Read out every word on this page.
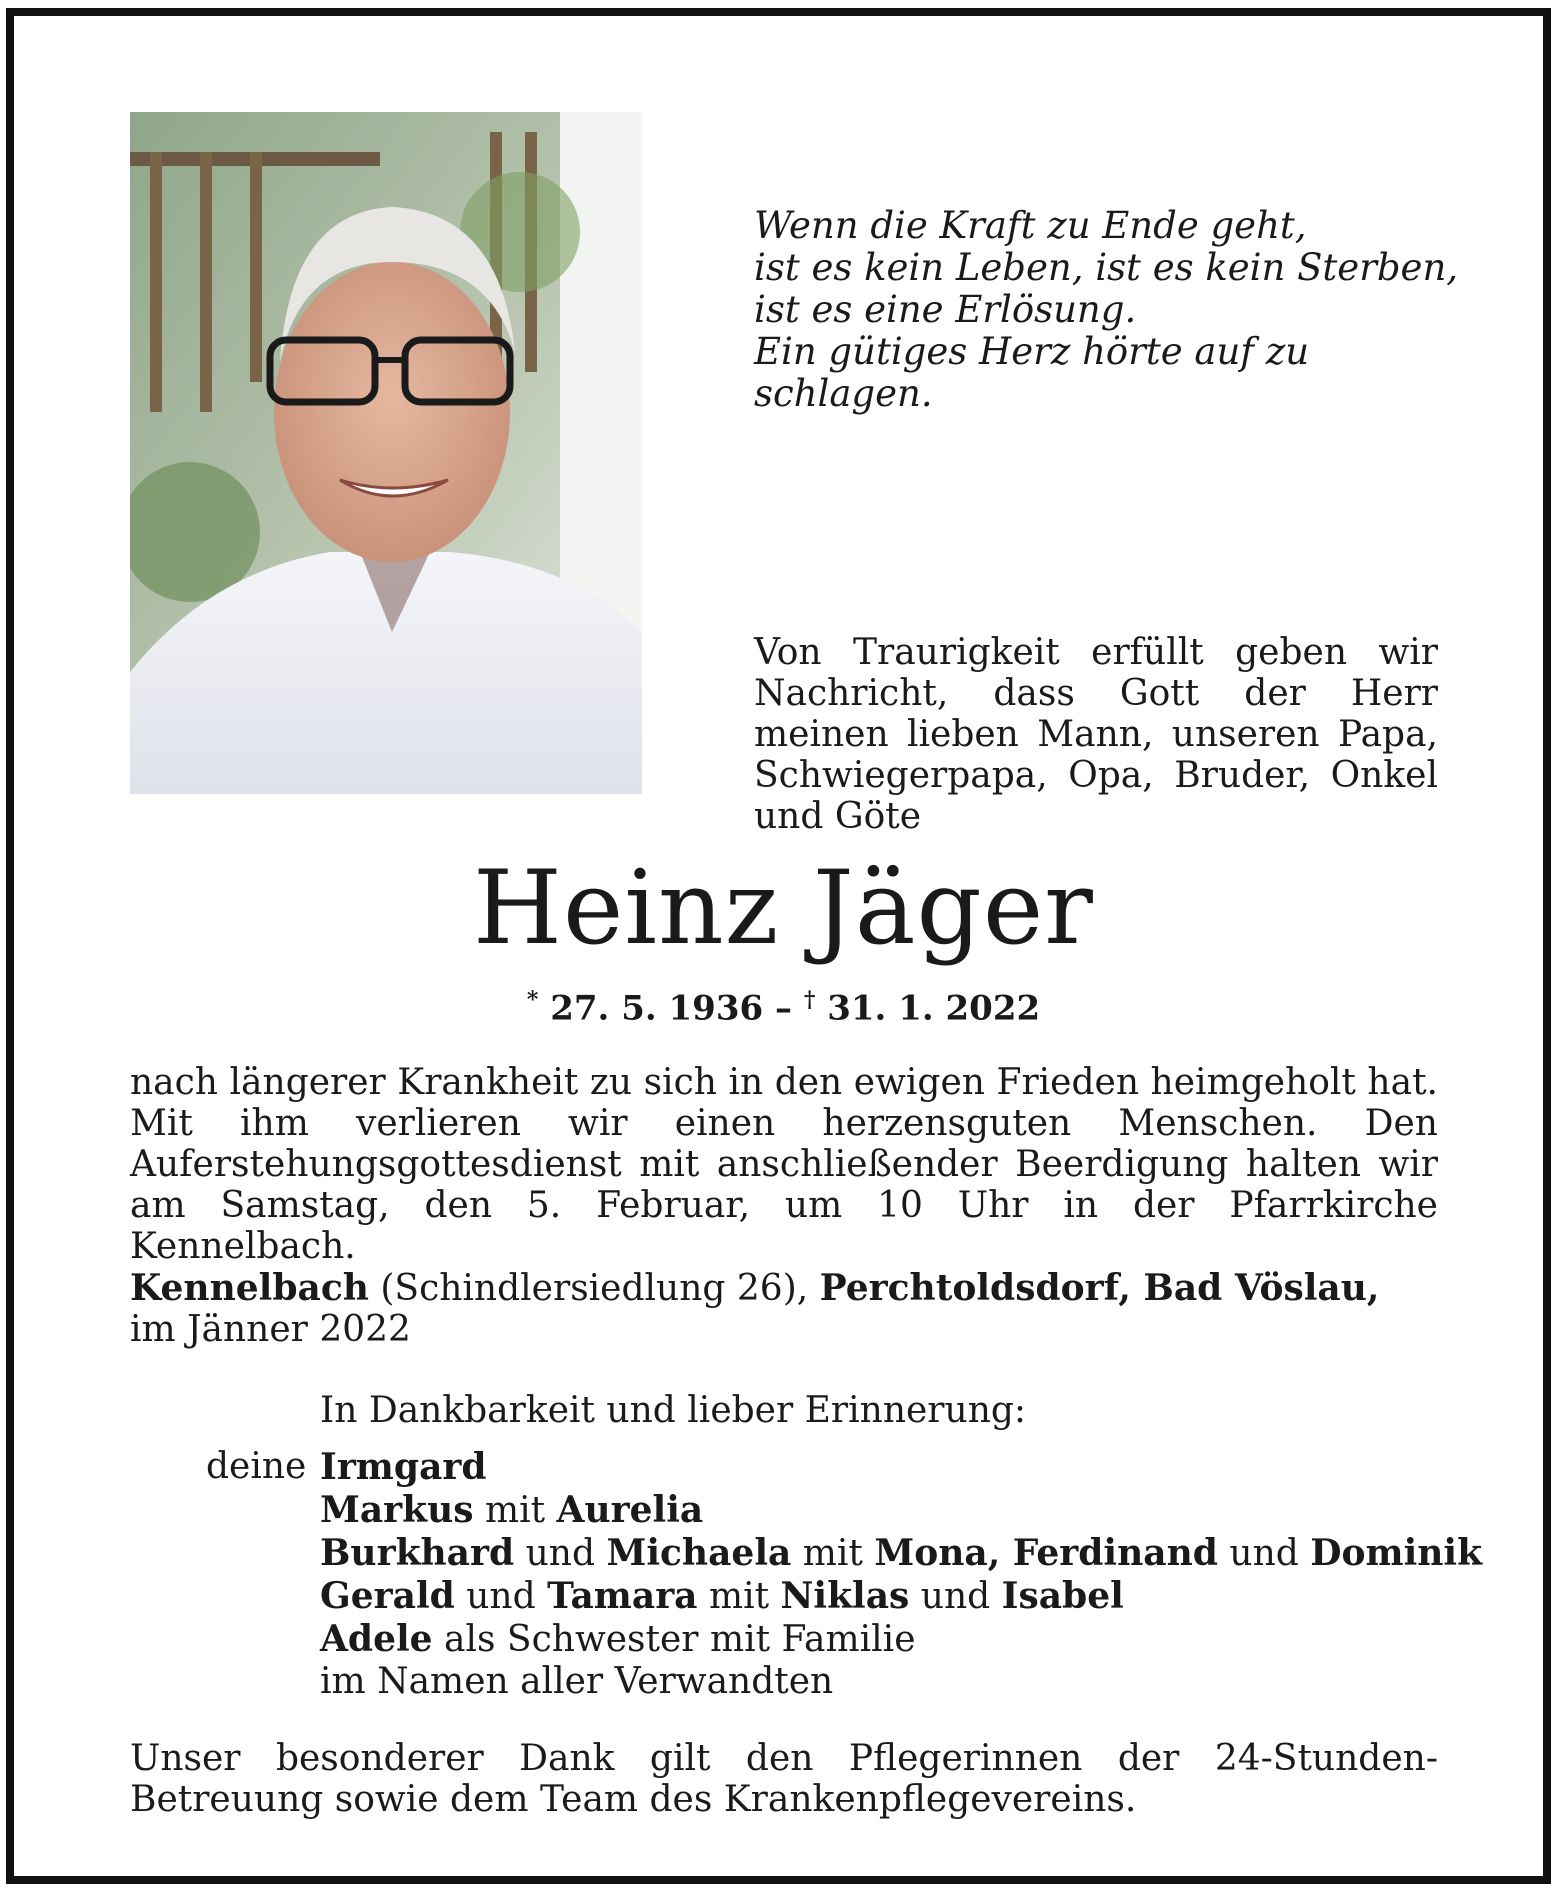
Wenn die Kraft zu Ende geht,
ist es kein Leben, ist es kein Sterben,
ist es eine Erlösung.
Ein gütiges Herz hörte auf zu schlagen.

Von Traurigkeit erfüllt geben wir Nachricht, dass Gott der Herr meinen lieben Mann, unseren Papa, Schwiegerpapa, Opa, Bruder, Onkel und Göte

Heinz Jäger
* 27. 5. 1936 – † 31. 1. 2022

nach längerer Krankheit zu sich in den ewigen Frieden heimgeholt hat. Mit ihm verlieren wir einen herzensguten Menschen. Den Auferstehungsgottesdienst mit anschließender Beerdigung halten wir am Samstag, den 5. Februar, um 10 Uhr in der Pfarrkirche Kennelbach.

Kennelbach (Schindlersiedlung 26), Perchtoldsdorf, Bad Vöslau,
im Jänner 2022

In Dankbarkeit und lieber Erinnerung:

deine Irmgard
Markus mit Aurelia
Burkhard und Michaela mit Mona, Ferdinand und Dominik
Gerald und Tamara mit Niklas und Isabel
Adele als Schwester mit Familie
im Namen aller Verwandten

Unser besonderer Dank gilt den Pflegerinnen der 24-Stunden-Betreuung sowie dem Team des Krankenpflegevereins.
